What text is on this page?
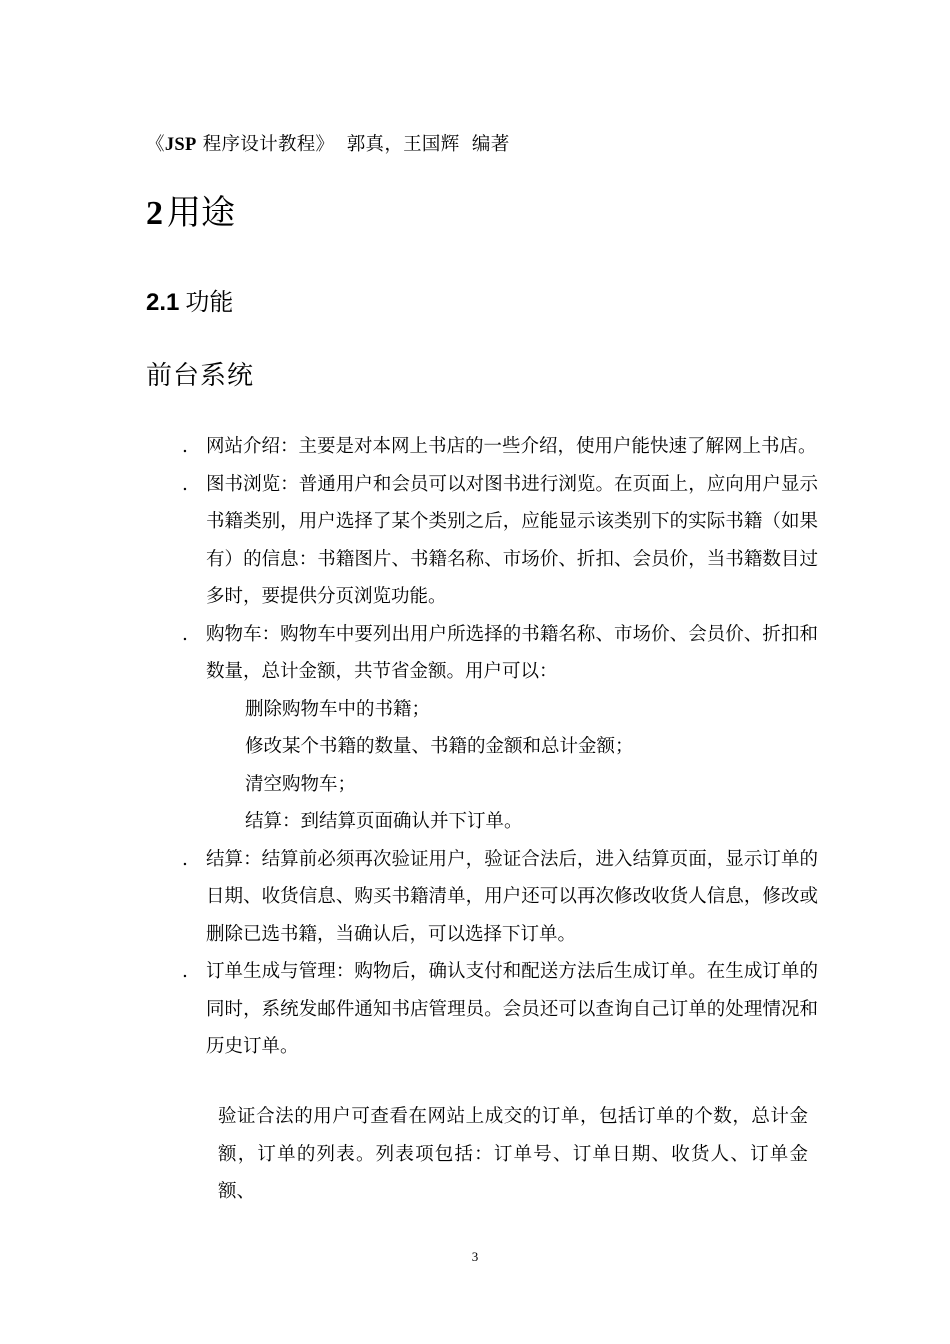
《JSP 程序设计教程》 郭真，王国辉 编著
2 用途
2.1 功能
前台系统
. 网站介绍：主要是对本网上书店的一些介绍，使用户能快速了解网上书店。
. 图书浏览：普通用户和会员可以对图书进行浏览。在页面上，应向用户显示书籍类别，用户选择了某个类别之后，应能显示该类别下的实际书籍（如果有）的信息：书籍图片、书籍名称、市场价、折扣、会员价，当书籍数目过多时，要提供分页浏览功能。
. 购物车：购物车中要列出用户所选择的书籍名称、市场价、会员价、折扣和数量，总计金额，共节省金额。用户可以：
删除购物车中的书籍；
修改某个书籍的数量、书籍的金额和总计金额；
清空购物车；
结算：到结算页面确认并下订单。
. 结算：结算前必须再次验证用户，验证合法后，进入结算页面，显示订单的日期、收货信息、购买书籍清单，用户还可以再次修改收货人信息，修改或删除已选书籍，当确认后，可以选择下订单。
. 订单生成与管理：购物后，确认支付和配送方法后生成订单。在生成订单的同时，系统发邮件通知书店管理员。会员还可以查询自己订单的处理情况和历史订单。
验证合法的用户可查看在网站上成交的订单，包括订单的个数，总计金额，订单的列表。列表项包括：订单号、订单日期、收货人、订单金额、
3
